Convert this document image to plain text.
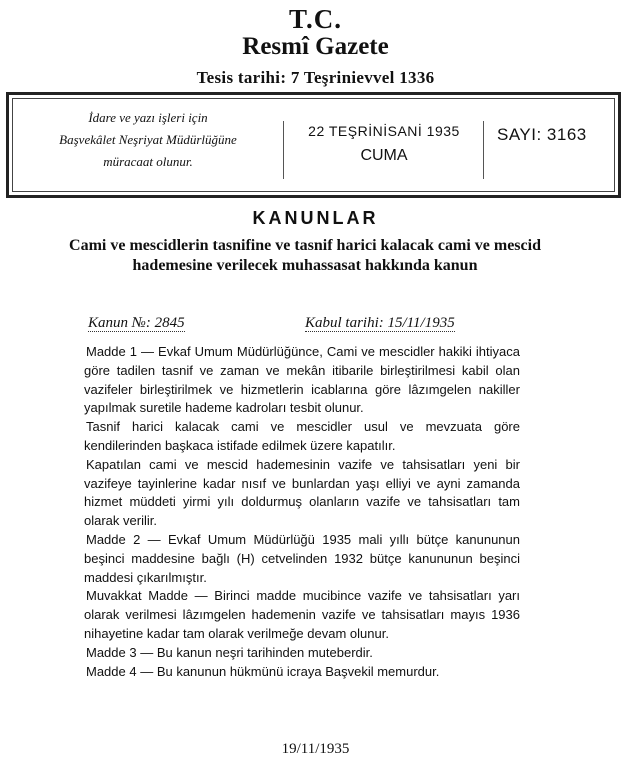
T.C.
Resmî Gazete
Tesis tarihi: 7 Teşrinievvel 1336
İdare ve yazı işleri için
Başvekâlet Neşriyat Müdürlüğüne
müracaat olunur.
22 TEŞRİNİSANİ 1935
CUMA
SAYI: 3163
KANUNLAR
Cami ve mescidlerin tasnifine ve tasnif harici kalacak cami ve mescid hademesine verilecek muhassasat hakkında kanun
Kanun №: 2845	Kabul tarihi: 15/11/1935

Madde 1 — Evkaf Umum Müdürlüğünce, Cami ve mescidler hakiki ihtiyaca göre tadilen tasnif ve zaman ve mekân itibarile birleştirilmesi kabil olan vazifeler birleştirilmek ve hizmetlerin icablarına göre lâzımgelen nakiller yapılmak suretile hademe kadroları tesbit olunur.

Tasnif harici kalacak cami ve mescidler usul ve mevzuata göre kendilerinden başkaca istifade edilmek üzere kapatılır.

Kapatılan cami ve mescid hademesinin vazife ve tahsisatları yeni bir vazifeye tayinlerine kadar nısıf ve bunlardan yaşı elliyi ve ayni zamanda hizmet müddeti yirmi yılı doldurmuş olanların vazife ve tahsisatları tam olarak verilir.

Madde 2 — Evkaf Umum Müdürlüğü 1935 mali yıllı bütçe kanununun beşinci maddesine bağlı (H) cetvelinden 1932 bütçe kanununun beşinci maddesi çıkarılmıştır.

Muvakkat Madde — Birinci madde mucibince vazife ve tahsisatları yarı olarak verilmesi lâzımgelen hademenin vazife ve tahsisatları mayıs 1936 nihayetine kadar tam olarak verilmeğe devam olunur.

Madde 3 — Bu kanun neşri tarihinden muteberdir.

Madde 4 — Bu kanunun hükmünü icraya Başvekil memurdur.

19/11/1935
